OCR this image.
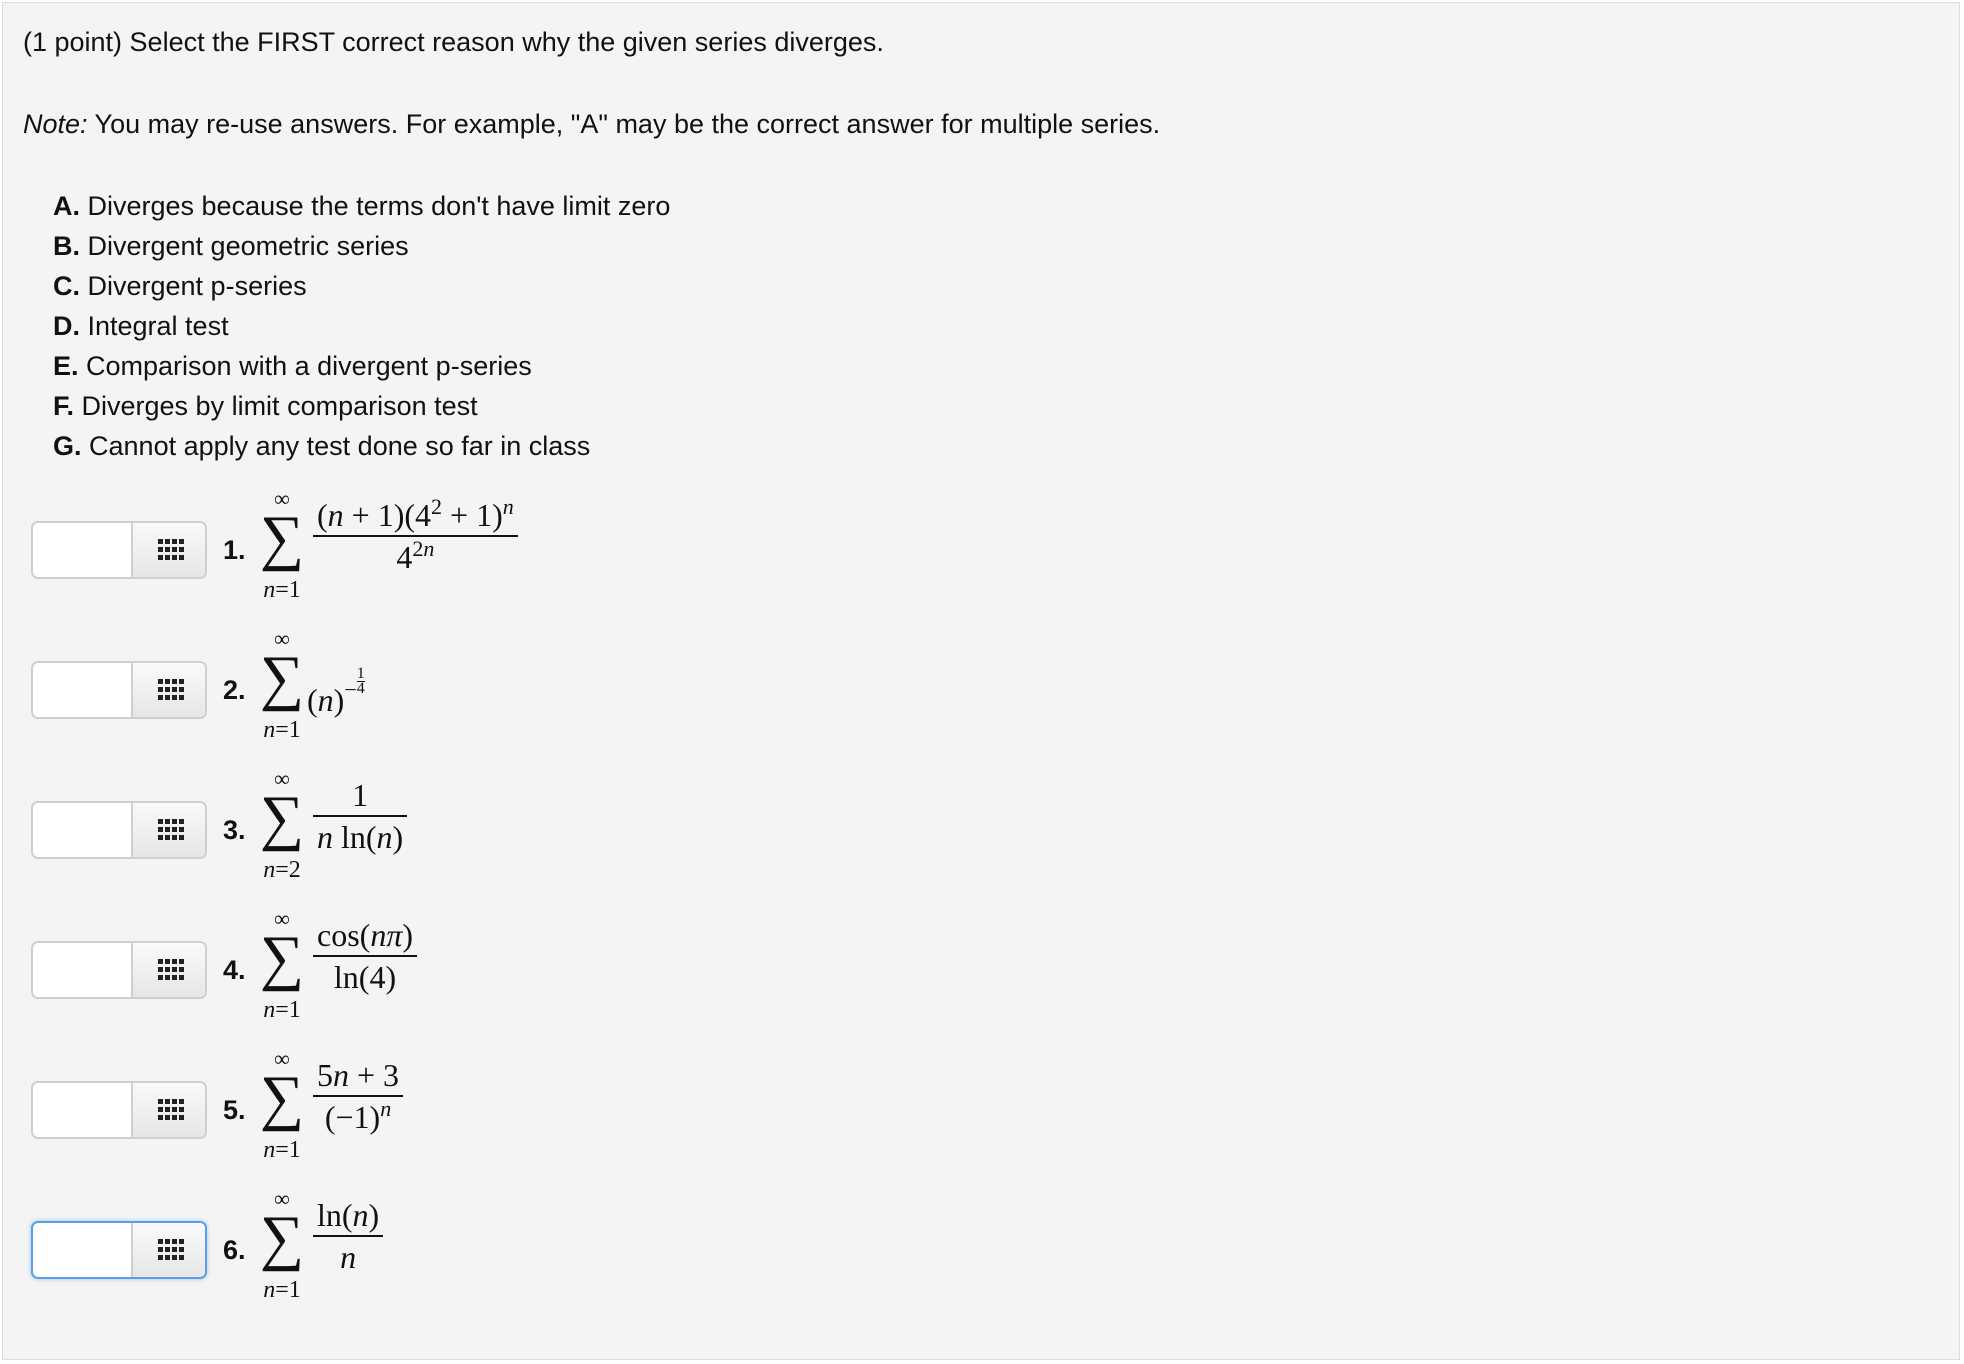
(1 point) Select the FIRST correct reason why the given series diverges.
Note: You may re-use answers. For example, "A" may be the correct answer for multiple series.
A. Diverges because the terms don't have limit zero
B. Divergent geometric series
C. Divergent p-series
D. Integral test
E. Comparison with a divergent p-series
F. Diverges by limit comparison test
G. Cannot apply any test done so far in class
1.
∞
∑
n=1
$(n + 1)(4^2 + 1)^n$
$4^{2n}$
2.
∞
∑
n=1
$(n)^- \frac{1}{4}$
3.
∞
∑
n=2
1
n ln(n)
4.
∞
∑
n=1
cos(nπ)
ln(4)
5.
∞
∑
n=1
5n + 3
$(-1)^n$
6.
∞
∑
n=1
ln(n)
n
